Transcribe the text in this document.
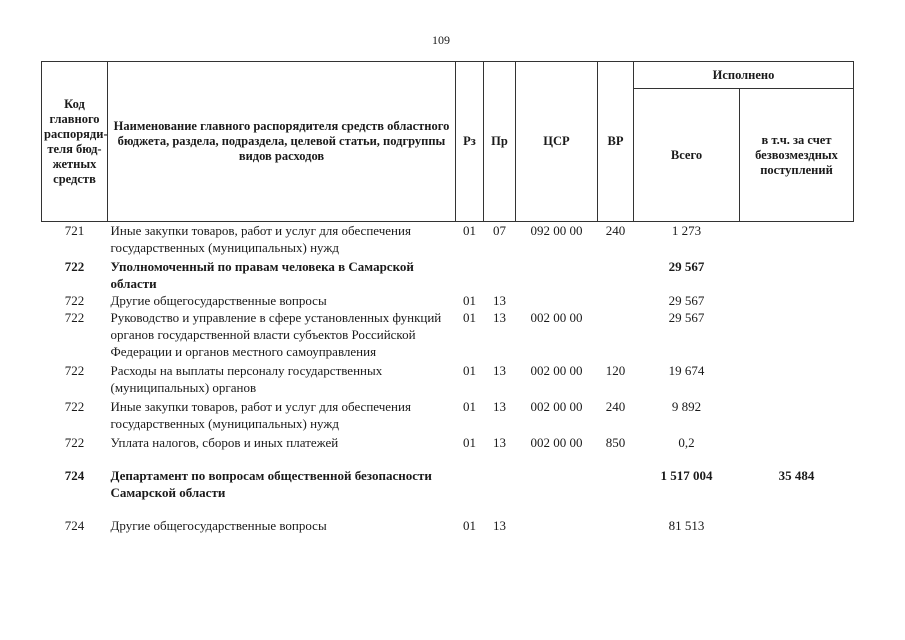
109
Код главного распоряди-теля бюд-жетных средств	Наименование главного распорядителя средств областного бюджета, раздела, подраздела, целевой статьи, подгруппы видов расходов	Рз	Пр	ЦСР	ВР	Исполнено	
						Всего	в т.ч. за счет безвозмездных поступлений
721	Иные закупки товаров, работ и услуг для обеспечения государственных (муниципальных) нужд	01	07	092 00 00	240	1 273	
722	Уполномоченный по правам человека в Самарской области					29 567	
722	Другие общегосударственные вопросы	01	13			29 567	
722	Руководство и управление в сфере установленных функций органов государственной власти субъектов Российской Федерации и органов местного самоуправления	01	13	002 00 00		29 567	
722	Расходы на выплаты персоналу государственных (муниципальных) органов	01	13	002 00 00	120	19 674	
722	Иные закупки товаров, работ и услуг для обеспечения государственных (муниципальных) нужд	01	13	002 00 00	240	9 892	
722	Уплата налогов, сборов и иных платежей	01	13	002 00 00	850	0,2	
724	Департамент по вопросам общественной безопасности Самарской области					1 517 004	35 484
724	Другие общегосударственные вопросы	01	13			81 513	
